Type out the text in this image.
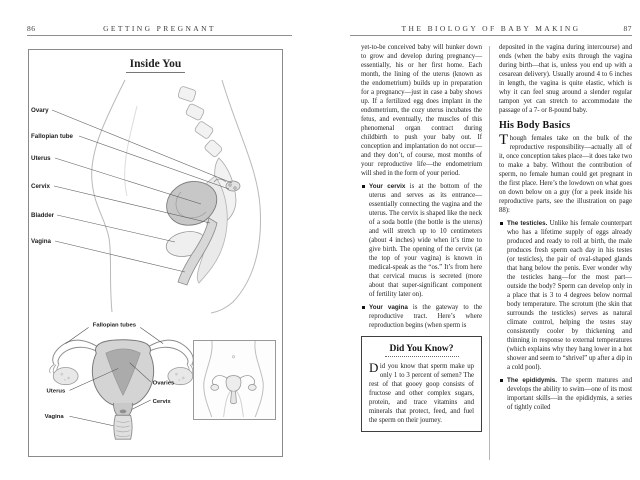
86	GETTING PREGNANT
Inside You
Ovary
Fallopian tube
Uterus
Cervix
Bladder
Vagina
Fallopian tubes
Uterus
Vagina
Ovaries
Cervix
THE BIOLOGY OF BABY MAKING	87

yet-to-be conceived baby will hunker down to grow and develop during pregnancy—essentially, his or her first home. Each month, the lining of the uterus (known as the endometrium) builds up in preparation for a pregnancy—just in case a baby shows up. If a fertilized egg does implant in the endometrium, the cozy uterus incubates the fetus, and eventually, the muscles of this phenomenal organ contract during childbirth to push your baby out. If conception and implantation do not occur—and they don’t, of course, most months of your reproductive life—the endometrium will shed in the form of your period.

Your cervix is at the bottom of the uterus and serves as its entrance—essentially connecting the vagina and the uterus. The cervix is shaped like the neck of a soda bottle (the bottle is the uterus) and will stretch up to 10 centimeters (about 4 inches) wide when it’s time to give birth. The opening of the cervix (at the top of your vagina) is known in medical-speak as the “os.” It’s from here that cervical mucus is secreted (more about that super-significant component of fertility later on).
Your vagina is the gateway to the reproductive tract. Here’s where reproduction begins (when sperm is
Did You Know?

Did you know that sperm make up only 1 to 3 percent of semen? The rest of that gooey goop consists of fructose and other complex sugars, protein, and trace vitamins and minerals that protect, feed, and fuel the sperm on their journey.

deposited in the vagina during intercourse) and ends (when the baby exits through the vagina during birth—that is, unless you end up with a cesarean delivery). Usually around 4 to 6 inches in length, the vagina is quite elastic, which is why it can feel snug around a slender regular tampon yet can stretch to accommodate the passage of a 7- or 8-pound baby.

His Body Basics

Though females take on the bulk of the reproductive responsibility—actually all of it, once conception takes place—it does take two to make a baby. Without the contribution of sperm, no female human could get pregnant in the first place. Here’s the lowdown on what goes on down below on a guy (for a peek inside his reproductive parts, see the illustration on page 88):

The testicles. Unlike his female counterpart who has a lifetime supply of eggs already produced and ready to roll at birth, the male produces fresh sperm each day in his testes (or testicles), the pair of oval-shaped glands that hang below the penis. Ever wonder why the testicles hang—for the most part—outside the body? Sperm can develop only in a place that is 3 to 4 degrees below normal body temperature. The scrotum (the skin that surrounds the testicles) serves as natural climate control, helping the testes stay consistently cooler by thickening and thinning in response to external temperatures (which explains why they hang lower in a hot shower and seem to “shrivel” up after a dip in a cold pool).
The epididymis. The sperm matures and develops the ability to swim—one of its most important skills—in the epididymis, a series of tightly coiled
